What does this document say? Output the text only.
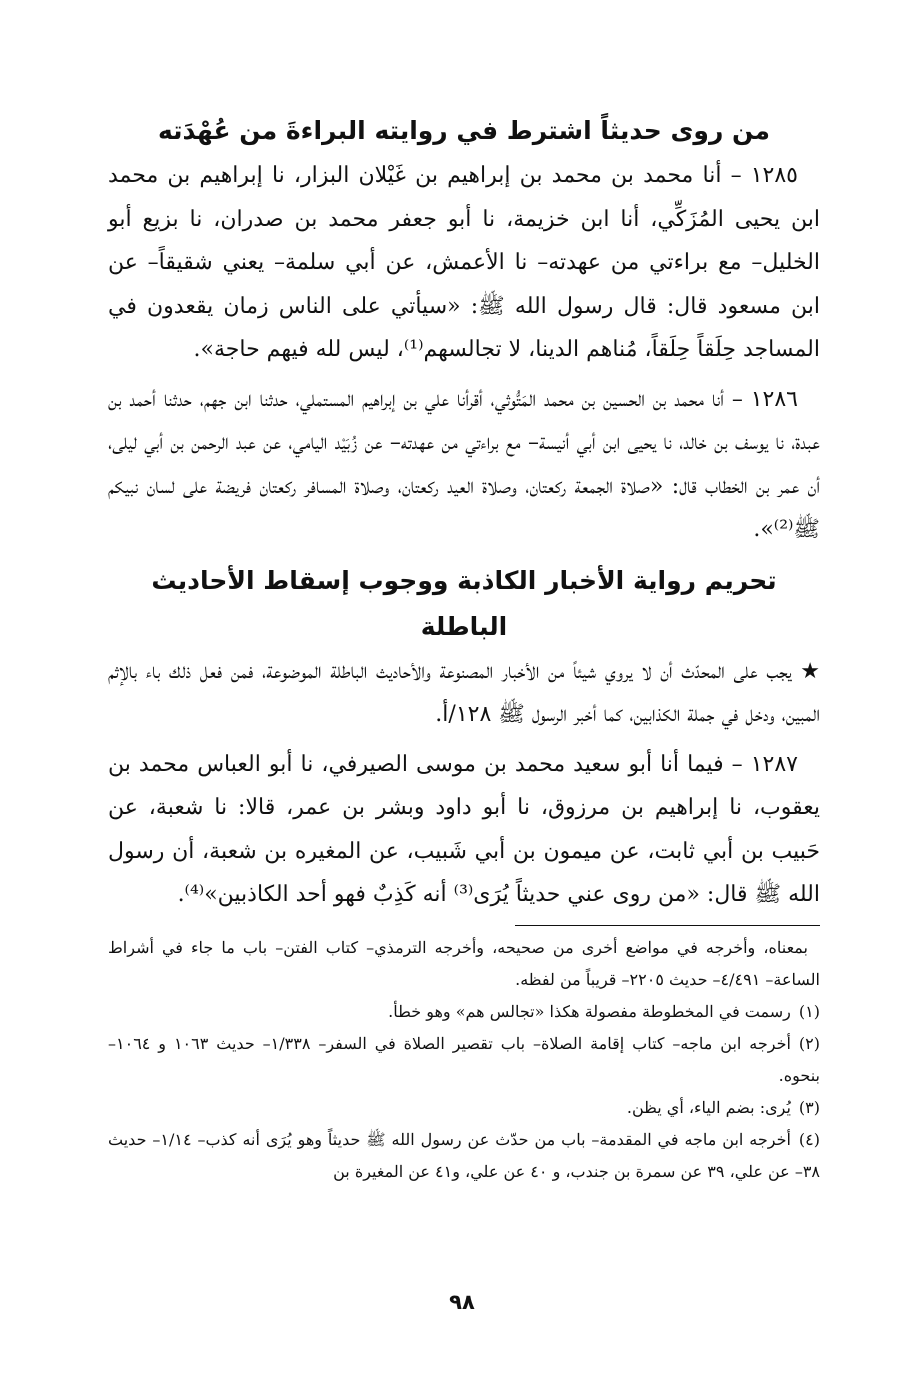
من روى حديثاً اشترط في روايته البراءةَ من عُهْدَته

١٢٨٥ – أنا محمد بن محمد بن إبراهيم بن غَيْلان البزار، نا إبراهيم بن محمد ابن يحيى المُزَكِّي، أنا ابن خزيمة، نا أبو جعفر محمد بن صدران، نا بزيع أبو الخليل– مع براءتي من عهدته– نا الأعمش، عن أبي سلمة– يعني شقيقاً– عن ابن مسعود قال: قال رسول الله ﷺ: «سيأتي على الناس زمان يقعدون في المساجد حِلَقاً حِلَقاً، مُناهم الدينا، لا تجالسهم⁽¹⁾، ليس لله فيهم حاجة».

١٢٨٦ – أنا محمد بن الحسين بن محمد المَتُّوثي، أقرأنا علي بن إبراهيم المستملي، حدثنا ابن جهم، حدثنا أحمد بن عبدة، نا يوسف بن خالد، نا يحيى ابن أبي أنيسة– مع براءتي من عهدته– عن زُبَيْد اليامي، عن عبد الرحمن بن أبي ليلى، أن عمر بن الخطاب قال: «صلاة الجمعة ركعتان، وصلاة العيد ركعتان، وصلاة المسافر ركعتان فريضة على لسان نبيكم ﷺ⁽²⁾».

تحريم رواية الأخبار الكاذبة ووجوب إسقاط الأحاديث الباطلة

★ يجب على المحدّث أن لا يروي شيئاً من الأخبار المصنوعة والأحاديث الباطلة الموضوعة، فمن فعل ذلك باء بالإثم المبين، ودخل في جملة الكذابين، كما أخبر الرسول ﷺ ١٢٨/أ.

١٢٨٧ – فيما أنا أبو سعيد محمد بن موسى الصيرفي، نا أبو العباس محمد بن يعقوب، نا إبراهيم بن مرزوق، نا أبو داود وبشر بن عمر، قالا: نا شعبة، عن حَبيب بن أبي ثابت، عن ميمون بن أبي شَبيب، عن المغيره بن شعبة، أن رسول الله ﷺ قال: «من روى عني حديثاً يُرَى⁽³⁾ أنه كَذِبٌ فهو أحد الكاذبين»⁽⁴⁾.

بمعناه، وأخرجه في مواضع أخرى من صحيحه، وأخرجه الترمذي– كتاب الفتن– باب ما جاء في أشراط الساعة– ٤/٤٩١– حديث ٢٢٠٥– قريباً من لفظه.

(١)رسمت في المخطوطة مفصولة هكذا «تجالس هم» وهو خطأ.

(٢)أخرجه ابن ماجه– كتاب إقامة الصلاة– باب تقصير الصلاة في السفر– ١/٣٣٨– حديث ١٠٦٣ و ١٠٦٤– بنحوه.

(٣)يُرى: بضم الياء، أي يظن.

(٤)أخرجه ابن ماجه في المقدمة– باب من حدّث عن رسول الله ﷺ حديثاً وهو يُرَى أنه كذب– ١/١٤– حديث ٣٨– عن علي، ٣٩ عن سمرة بن جندب، و ٤٠ عن علي، و٤١ عن المغيرة بن

٩٨
